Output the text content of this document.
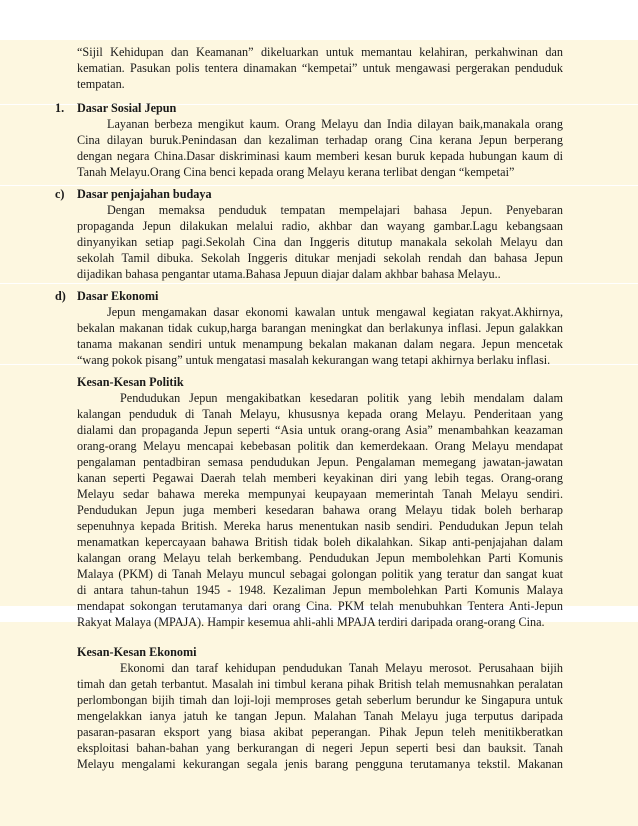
“Sijil Kehidupan dan Keamanan” dikeluarkan untuk memantau kelahiran, perkahwinan dan
kematian. Pasukan polis tentera dinamakan “kempetai” untuk mengawasi pergerakan penduduk
tempatan.
1. Dasar Sosial Jepun
Layanan berbeza mengikut kaum. Orang Melayu dan India dilayan baik,manakala orang
Cina dilayan buruk.Penindasan dan kezaliman terhadap orang Cina kerana Jepun berperang
dengan negara China.Dasar diskriminasi kaum memberi kesan buruk kepada hubungan kaum di
Tanah Melayu.Orang Cina benci kepada orang Melayu kerana terlibat dengan “kempetai”
c) Dasar penjajahan budaya
Dengan memaksa penduduk tempatan mempelajari bahasa Jepun. Penyebaran
propaganda Jepun dilakukan melalui radio, akhbar dan wayang gambar.Lagu kebangsaan
dinyanyikan setiap pagi.Sekolah Cina dan Inggeris ditutup manakala sekolah Melayu dan
sekolah Tamil dibuka. Sekolah Inggeris ditukar menjadi sekolah rendah dan bahasa Jepun
dijadikan bahasa pengantar utama.Bahasa Jepuun diajar dalam akhbar bahasa Melayu..
d) Dasar Ekonomi
Jepun mengamakan dasar ekonomi kawalan untuk mengawal kegiatan rakyat.Akhirnya,
bekalan makanan tidak cukup,harga barangan meningkat dan berlakunya inflasi. Jepun galakkan
tanama makanan sendiri untuk menampung bekalan makanan dalam negara. Jepun mencetak
“wang pokok pisang” untuk mengatasi masalah kekurangan wang tetapi akhirnya berlaku inflasi.
Kesan-Kesan Politik
Pendudukan Jepun mengakibatkan kesedaran politik yang lebih mendalam dalam
kalangan penduduk di Tanah Melayu, khususnya kepada orang Melayu. Penderitaan yang
dialami dan propaganda Jepun seperti “Asia untuk orang-orang Asia” menambahkan keazaman
orang-orang Melayu mencapai kebebasan politik dan kemerdekaan. Orang Melayu mendapat
pengalaman pentadbiran semasa pendudukan Jepun. Pengalaman memegang jawatan-jawatan
kanan seperti Pegawai Daerah telah memberi keyakinan diri yang lebih tegas. Orang-orang
Melayu sedar bahawa mereka mempunyai keupayaan memerintah Tanah Melayu sendiri.
Pendudukan Jepun juga memberi kesedaran bahawa orang Melayu tidak boleh berharap
sepenuhnya kepada British. Mereka harus menentukan nasib sendiri. Pendudukan Jepun telah
menamatkan kepercayaan bahawa British tidak boleh dikalahkan. Sikap anti-penjajahan dalam
kalangan orang Melayu telah berkembang. Pendudukan Jepun membolehkan Parti Komunis
Malaya (PKM) di Tanah Melayu muncul sebagai golongan politik yang teratur dan sangat kuat
di antara tahun-tahun 1945 - 1948. Kezaliman Jepun membolehkan Parti Komunis Malaya
mendapat sokongan terutamanya dari orang Cina. PKM telah menubuhkan Tentera Anti-Jepun
Rakyat Malaya (MPAJA). Hampir kesemua ahli-ahli MPAJA terdiri daripada orang-orang Cina.
Kesan-Kesan Ekonomi
Ekonomi dan taraf kehidupan pendudukan Tanah Melayu merosot. Perusahaan bijih
timah dan getah terbantut. Masalah ini timbul kerana pihak British telah memusnahkan peralatan
perlombongan bijih timah dan loji-loji memproses getah seberlum berundur ke Singapura untuk
mengelakkan ianya jatuh ke tangan Jepun. Malahan Tanah Melayu juga terputus daripada
pasaran-pasaran eksport yang biasa akibat peperangan. Pihak Jepun teleh menitikberatkan
eksploitasi bahan-bahan yang berkurangan di negeri Jepun seperti besi dan bauksit. Tanah
Melayu mengalami kekurangan segala jenis barang pengguna terutamanya tekstil. Makanan
